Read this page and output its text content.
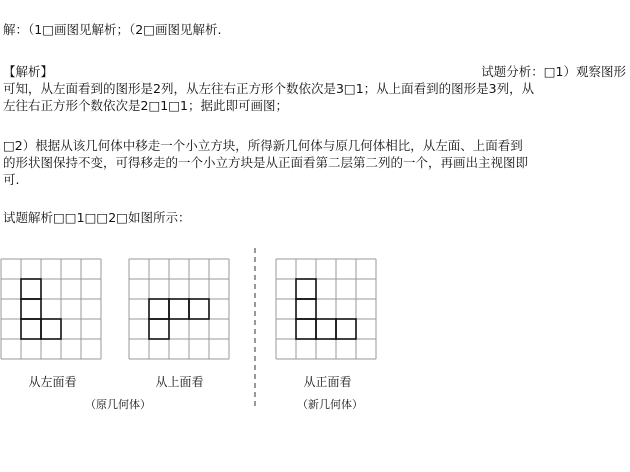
解：（1□画图见解析；（2□画图见解析.
【解析】	试题分析：□1）观察图形
可知，从左面看到的图形是2列，从左往右正方形个数依次是3□1；从上面看到的图形是3列，从
左往右正方形个数依次是2□1□1；据此即可画图；
□2）根据从该几何体中移走一个小立方块，所得新几何体与原几何体相比，从左面、上面看到
的形状图保持不变，可得移走的一个小立方块是从正面看第二层第二列的一个，再画出主视图即
可.
试题解析□□1□□2□如图所示：
从左面看	从上面看	从正面看
（原几何体）	（新几何体）
